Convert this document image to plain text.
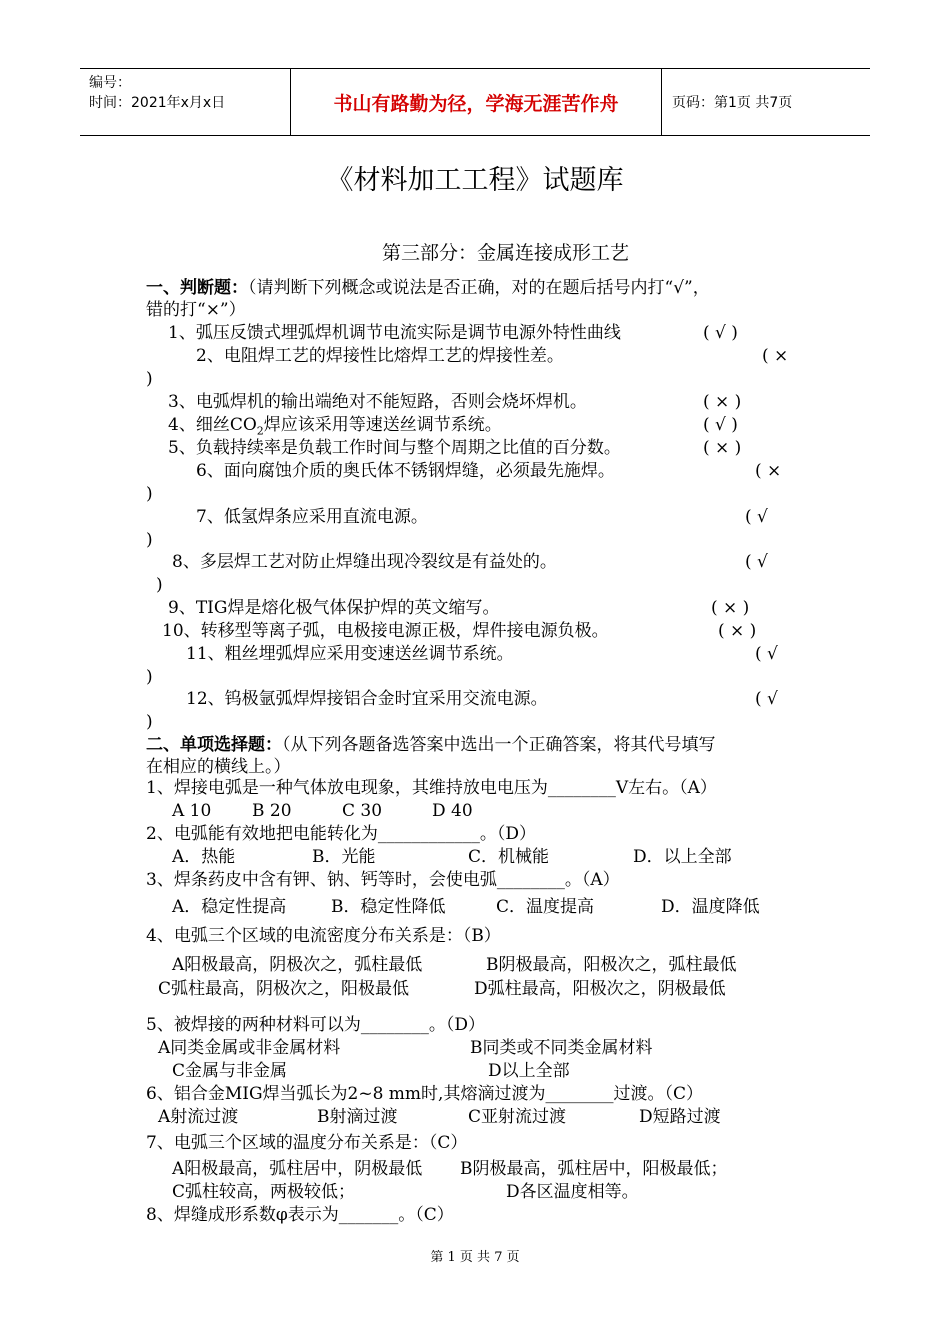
编号：
时间：2021年x月x日	书山有路勤为径，学海无涯苦作舟	页码：第1页 共7页
《材料加工工程》试题库
第三部分：金属连接成形工艺
一、判断题：（请判断下列概念或说法是否正确，对的在题后括号内打“√”，
错的打“×”）
1、弧压反馈式埋弧焊机调节电流实际是调节电源外特性曲线	( √ )
2、电阻焊工艺的焊接性比熔焊工艺的焊接性差。	( ×
)
3、电弧焊机的输出端绝对不能短路，否则会烧坏焊机。	( × )
4、细丝$CO_2$焊应该采用等速送丝调节系统。	( √ )
5、负载持续率是负载工作时间与整个周期之比值的百分数。	( × )
6、面向腐蚀介质的奥氏体不锈钢焊缝，必须最先施焊。	( ×
)
7、低氢焊条应采用直流电源。	( √
)
8、多层焊工艺对防止焊缝出现冷裂纹是有益处的。	( √
)
9、TIG焊是熔化极气体保护焊的英文缩写。	( × )
10、转移型等离子弧，电极接电源正极，焊件接电源负极。	( × )
11、粗丝埋弧焊应采用变速送丝调节系统。	( √
)
12、钨极氩弧焊焊接铝合金时宜采用交流电源。	( √
)
二、单项选择题：（从下列各题备选答案中选出一个正确答案，将其代号填写
在相应的横线上。）
1、焊接电弧是一种气体放电现象，其维持放电电压为________V左右。（A）
A 10 B 20	C 30	D 40
2、电弧能有效地把电能转化为____________。（D）
A．热能	B．光能	C．机械能	D．以上全部
3、焊条药皮中含有钾、钠、钙等时，会使电弧________。（A）
A．稳定性提高	B．稳定性降低	C．温度提高	D．温度降低
4、电弧三个区域的电流密度分布关系是：（B）
A阳极最高，阴极次之，弧柱最低	B阴极最高，阳极次之，弧柱最低
C弧柱最高，阴极次之，阳极最低	D弧柱最高，阳极次之，阴极最低
5、被焊接的两种材料可以为________。（D）
A同类金属或非金属材料	B同类或不同类金属材料
C金属与非金属	D以上全部
6、铝合金MIG焊当弧长为2~8 mm时,其熔滴过渡为________过渡。（C）
A射流过渡	B射滴过渡	C亚射流过渡	D短路过渡
7、电弧三个区域的温度分布关系是：（C）
A阳极最高，弧柱居中，阴极最低 B阴极最高，弧柱居中，阳极最低；
C弧柱较高，两极较低；	D各区温度相等。
8、焊缝成形系数φ表示为_______。（C）
第 1 页 共 7 页
